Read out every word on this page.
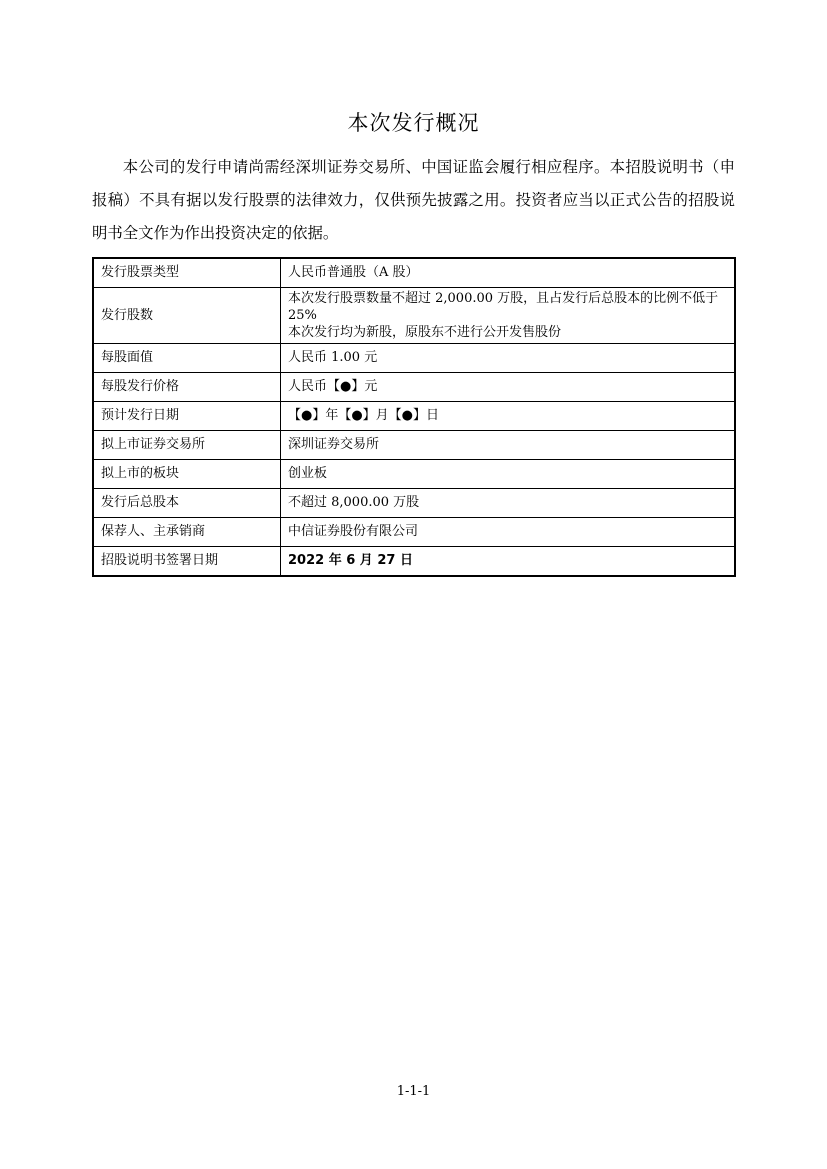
本次发行概况

本公司的发行申请尚需经深圳证券交易所、中国证监会履行相应程序。本招股说明书（申报稿）不具有据以发行股票的法律效力，仅供预先披露之用。投资者应当以正式公告的招股说明书全文作为作出投资决定的依据。

发行股票类型	人民币普通股（A 股）
发行股数	本次发行股票数量不超过 2,000.00 万股，且占发行后总股本的比例不低于 25%
本次发行均为新股，原股东不进行公开发售股份

每股面值	人民币 1.00 元
每股发行价格	人民币【●】元
预计发行日期	【●】年【●】月【●】日
拟上市证券交易所	深圳证券交易所
拟上市的板块	创业板
发行后总股本	不超过 8,000.00 万股
保荐人、主承销商	中信证券股份有限公司
招股说明书签署日期	2022 年 6 月 27 日
1-1-1
